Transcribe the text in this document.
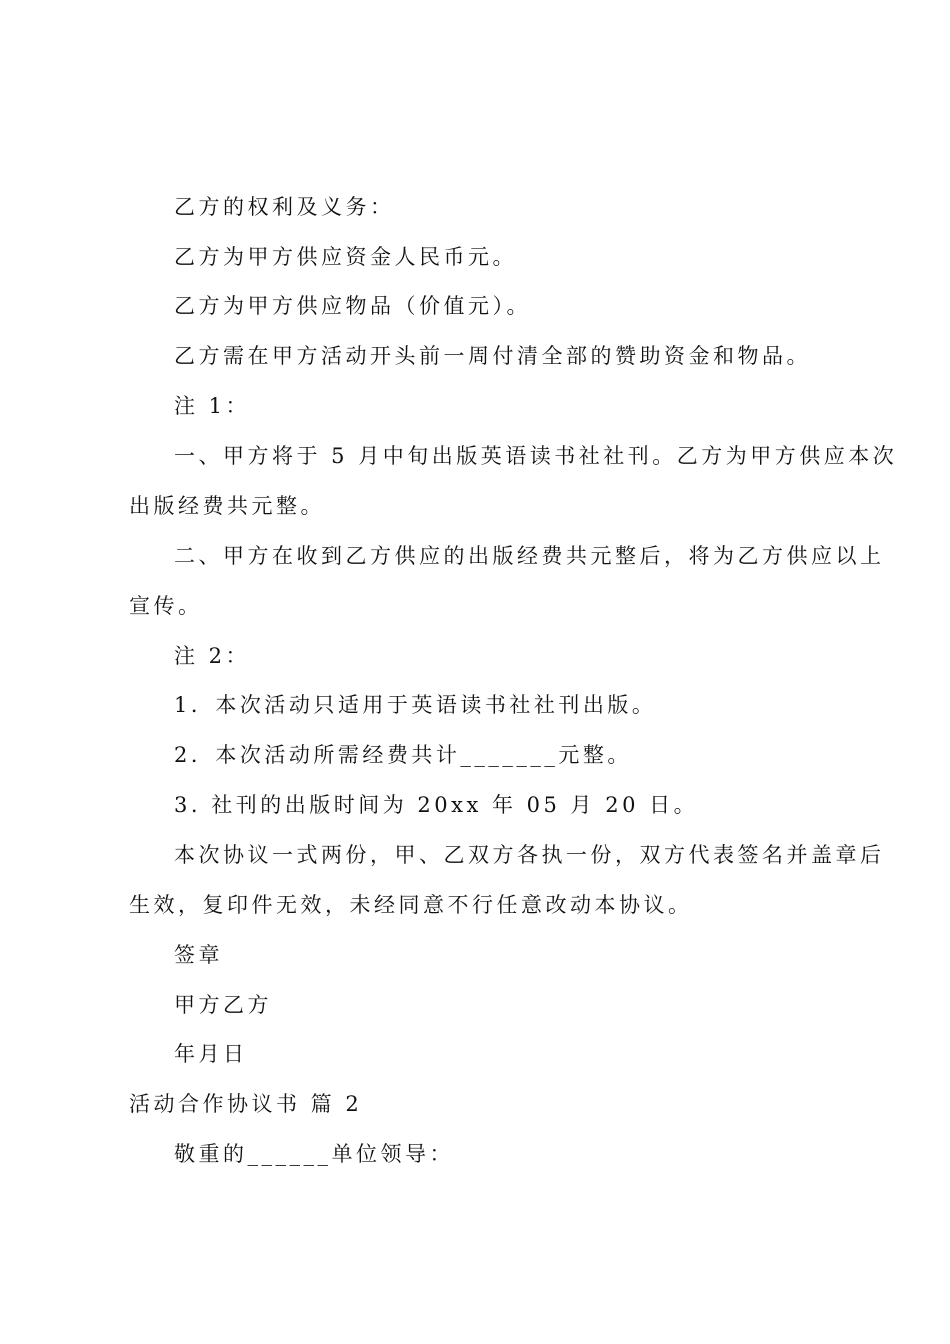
乙方的权利及义务：

乙方为甲方供应资金人民币元。

乙方为甲方供应物品（价值元）。

乙方需在甲方活动开头前一周付清全部的赞助资金和物品。

注 1：

一、甲方将于 5 月中旬出版英语读书社社刊。乙方为甲方供应本次

出版经费共元整。

二、甲方在收到乙方供应的出版经费共元整后，将为乙方供应以上

宣传。

注 2：

1．本次活动只适用于英语读书社社刊出版。

2．本次活动所需经费共计_______元整。

3. 社刊的出版时间为 20xx 年 05 月 20 日。

本次协议一式两份，甲、乙双方各执一份，双方代表签名并盖章后

生效，复印件无效，未经同意不行任意改动本协议。

签章

甲方乙方

年月日

活动合作协议书 篇 2

敬重的______单位领导：
